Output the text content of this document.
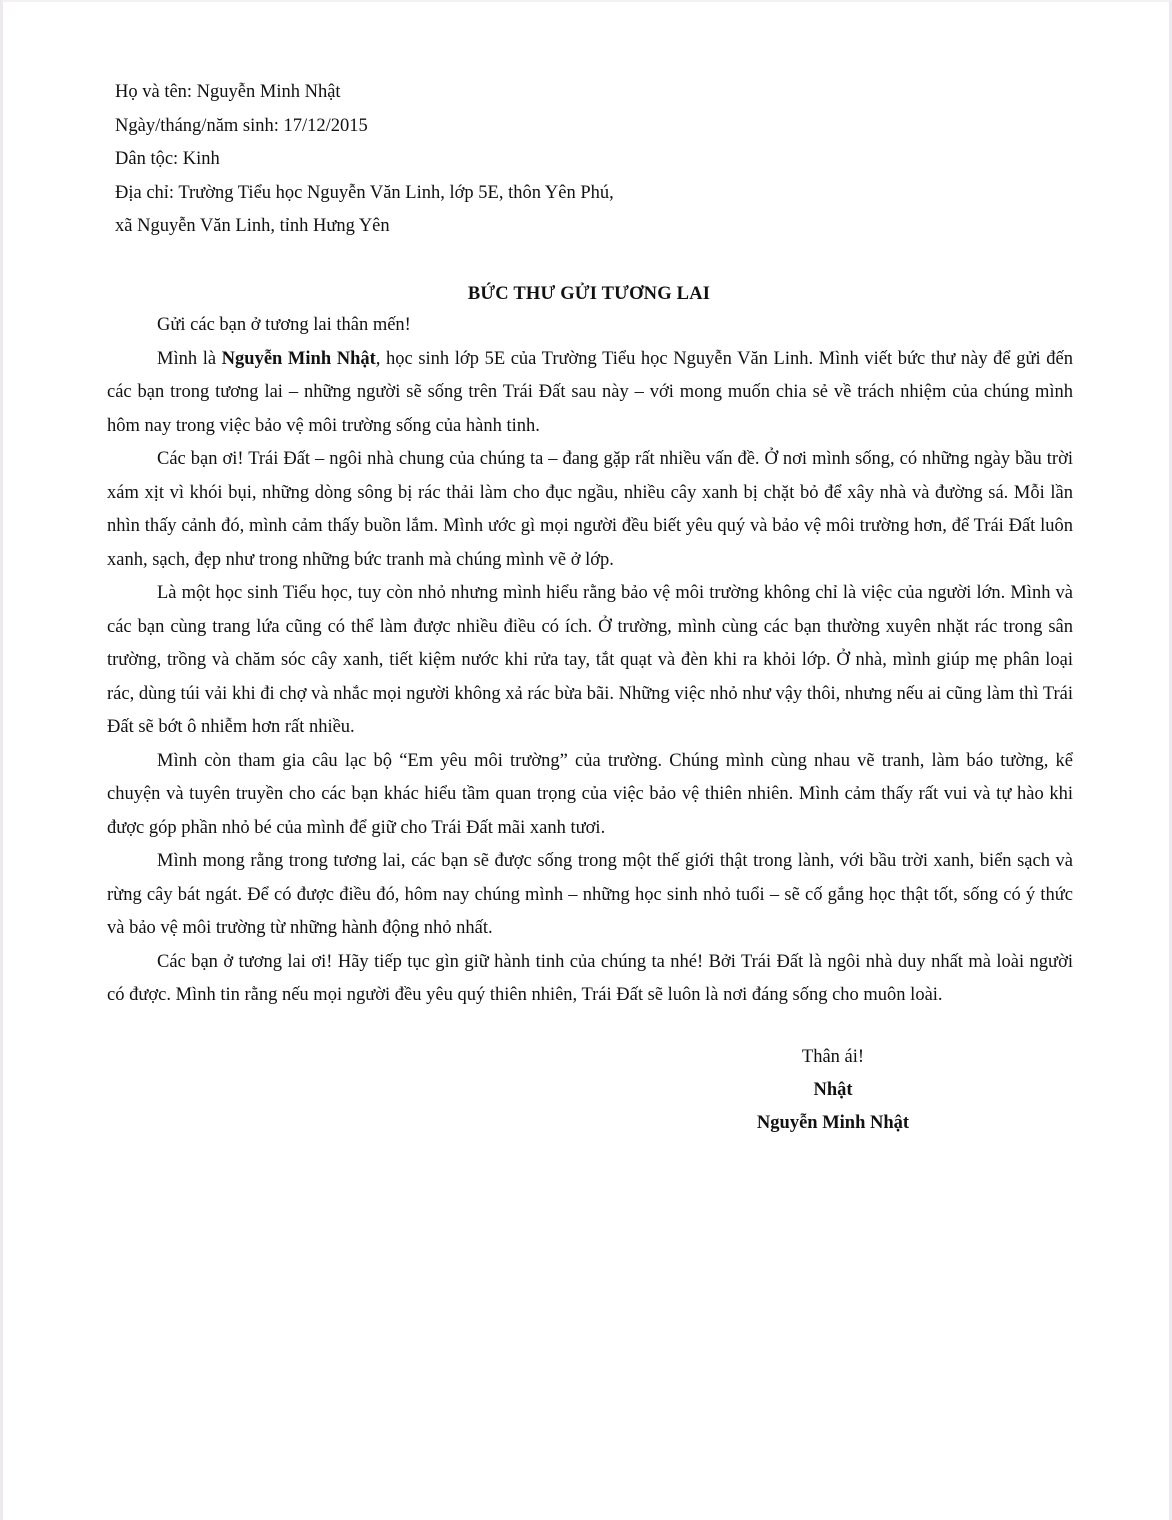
Họ và tên: Nguyễn Minh Nhật
Ngày/tháng/năm sinh: 17/12/2015
Dân tộc: Kinh
Địa chỉ: Trường Tiểu học Nguyễn Văn Linh, lớp 5E, thôn Yên Phú,
xã Nguyễn Văn Linh, tỉnh Hưng Yên
BỨC THƯ GỬI TƯƠNG LAI

Gửi các bạn ở tương lai thân mến!

Mình là Nguyễn Minh Nhật, học sinh lớp 5E của Trường Tiểu học Nguyễn Văn Linh. Mình viết bức thư này để gửi đến các bạn trong tương lai – những người sẽ sống trên Trái Đất sau này – với mong muốn chia sẻ về trách nhiệm của chúng mình hôm nay trong việc bảo vệ môi trường sống của hành tinh.

Các bạn ơi! Trái Đất – ngôi nhà chung của chúng ta – đang gặp rất nhiều vấn đề. Ở nơi mình sống, có những ngày bầu trời xám xịt vì khói bụi, những dòng sông bị rác thải làm cho đục ngầu, nhiều cây xanh bị chặt bỏ để xây nhà và đường sá. Mỗi lần nhìn thấy cảnh đó, mình cảm thấy buồn lắm. Mình ước gì mọi người đều biết yêu quý và bảo vệ môi trường hơn, để Trái Đất luôn xanh, sạch, đẹp như trong những bức tranh mà chúng mình vẽ ở lớp.

Là một học sinh Tiểu học, tuy còn nhỏ nhưng mình hiểu rằng bảo vệ môi trường không chỉ là việc của người lớn. Mình và các bạn cùng trang lứa cũng có thể làm được nhiều điều có ích. Ở trường, mình cùng các bạn thường xuyên nhặt rác trong sân trường, trồng và chăm sóc cây xanh, tiết kiệm nước khi rửa tay, tắt quạt và đèn khi ra khỏi lớp. Ở nhà, mình giúp mẹ phân loại rác, dùng túi vải khi đi chợ và nhắc mọi người không xả rác bừa bãi. Những việc nhỏ như vậy thôi, nhưng nếu ai cũng làm thì Trái Đất sẽ bớt ô nhiễm hơn rất nhiều.

Mình còn tham gia câu lạc bộ “Em yêu môi trường” của trường. Chúng mình cùng nhau vẽ tranh, làm báo tường, kể chuyện và tuyên truyền cho các bạn khác hiểu tầm quan trọng của việc bảo vệ thiên nhiên. Mình cảm thấy rất vui và tự hào khi được góp phần nhỏ bé của mình để giữ cho Trái Đất mãi xanh tươi.

Mình mong rằng trong tương lai, các bạn sẽ được sống trong một thế giới thật trong lành, với bầu trời xanh, biển sạch và rừng cây bát ngát. Để có được điều đó, hôm nay chúng mình – những học sinh nhỏ tuổi – sẽ cố gắng học thật tốt, sống có ý thức và bảo vệ môi trường từ những hành động nhỏ nhất.

Các bạn ở tương lai ơi! Hãy tiếp tục gìn giữ hành tinh của chúng ta nhé! Bởi Trái Đất là ngôi nhà duy nhất mà loài người có được. Mình tin rằng nếu mọi người đều yêu quý thiên nhiên, Trái Đất sẽ luôn là nơi đáng sống cho muôn loài.

Thân ái!
Nhật
Nguyễn Minh Nhật
